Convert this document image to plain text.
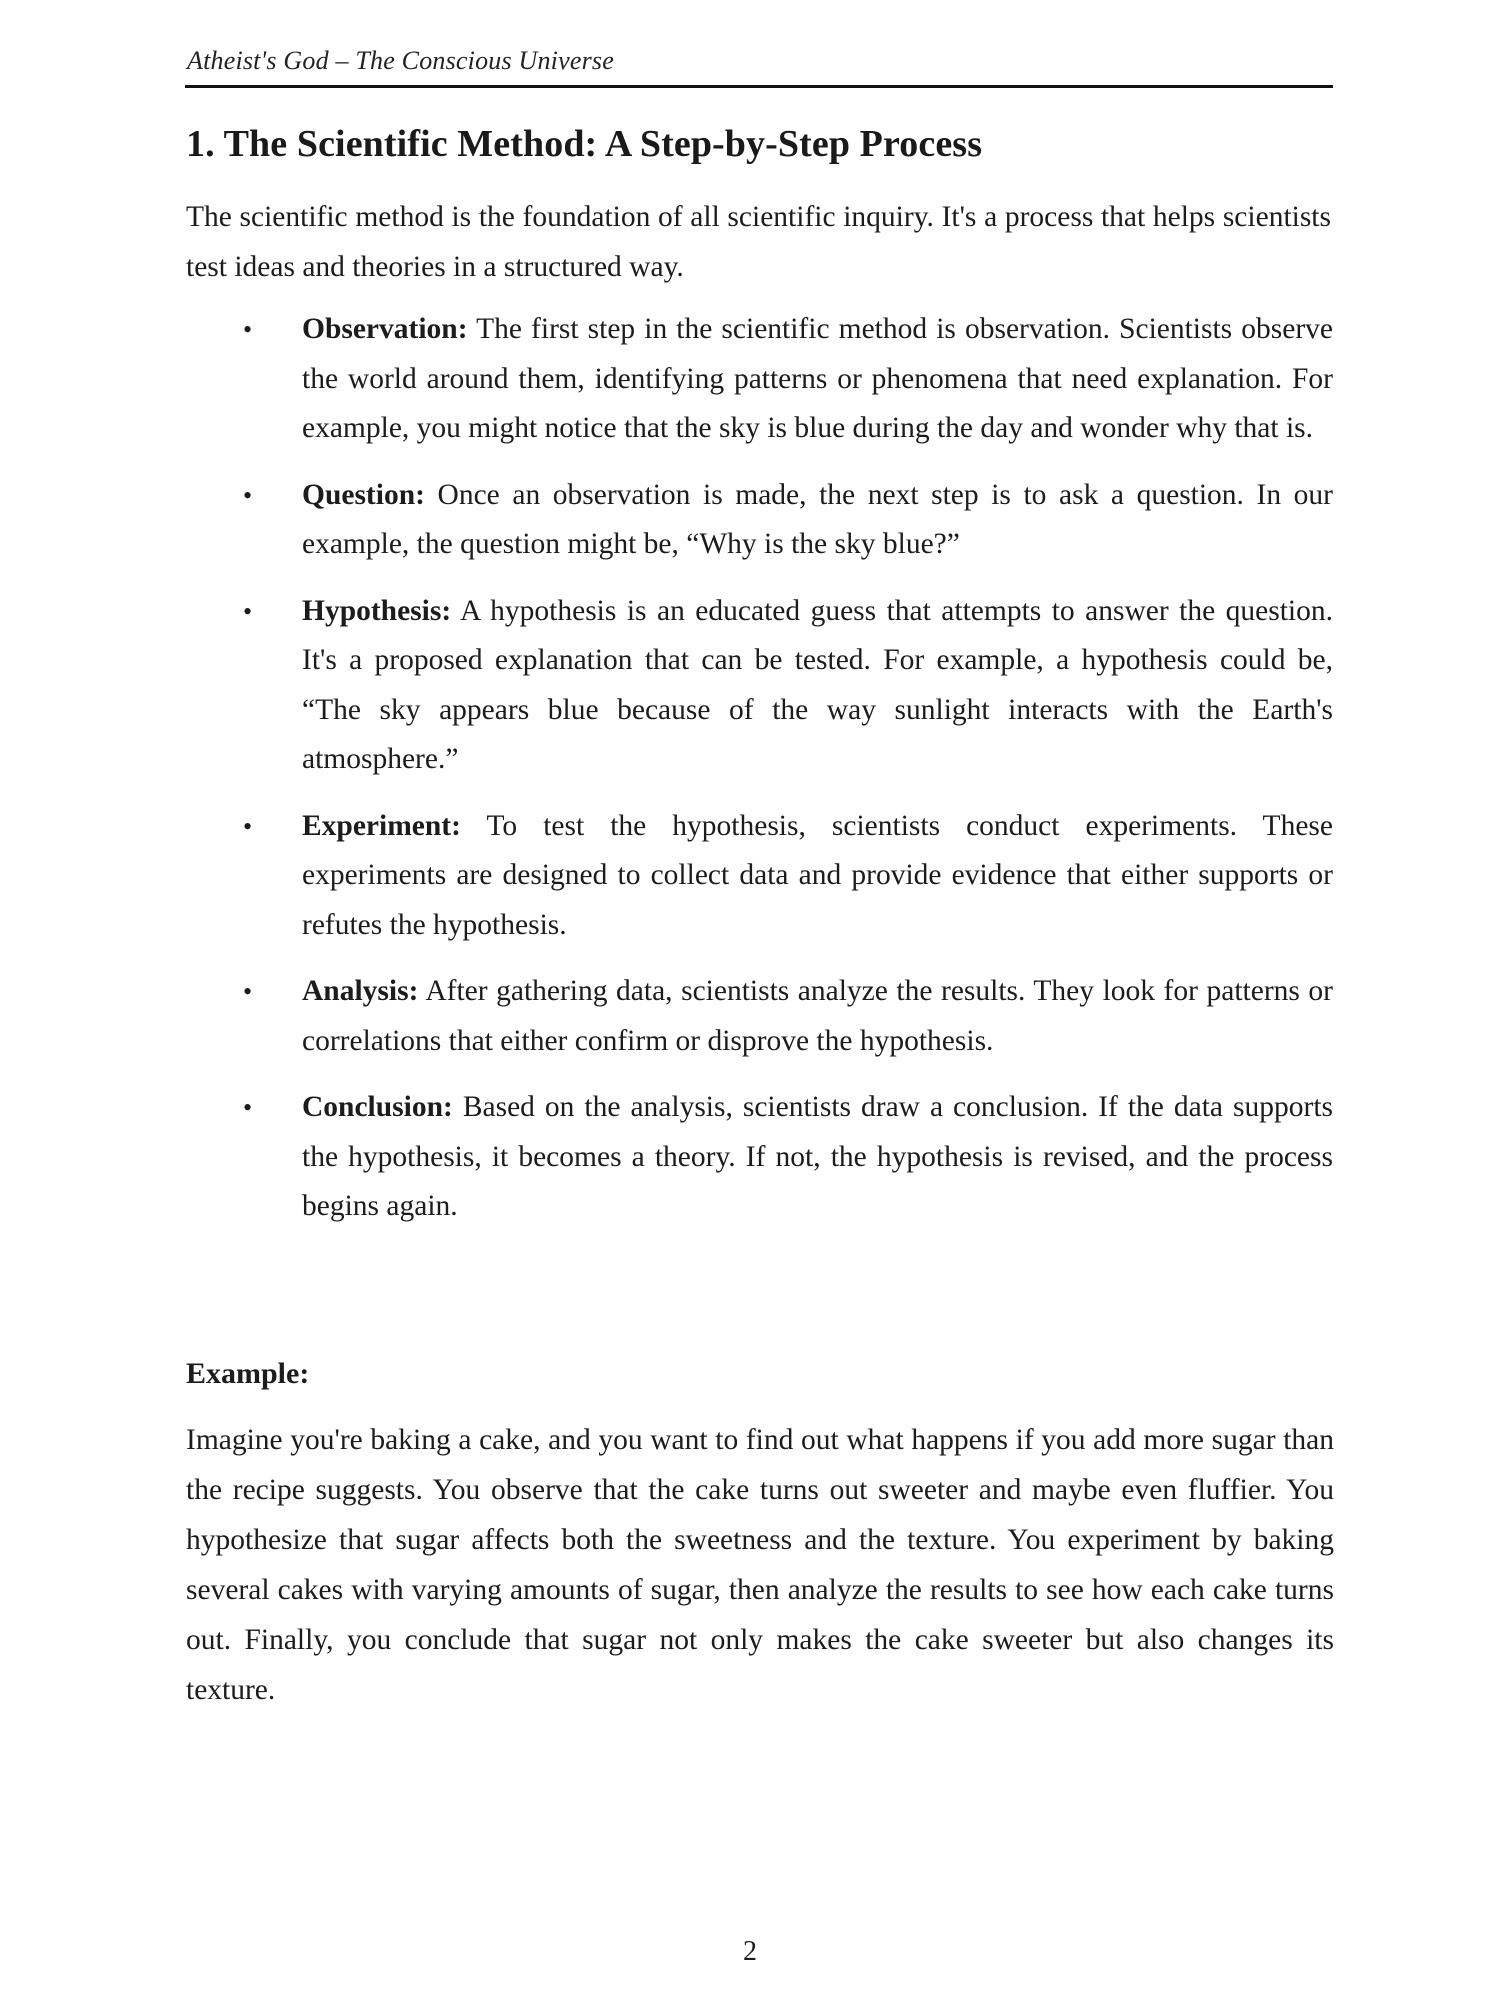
Atheist's God – The Conscious Universe
1. The Scientific Method: A Step-by-Step Process

The scientific method is the foundation of all scientific inquiry. It's a process that helps scientists test ideas and theories in a structured way.

• Observation: The first step in the scientific method is observation. Scientists observe the world around them, identifying patterns or phenomena that need explanation. For example, you might notice that the sky is blue during the day and wonder why that is.
• Question: Once an observation is made, the next step is to ask a question. In our example, the question might be, “Why is the sky blue?”
• Hypothesis: A hypothesis is an educated guess that attempts to answer the question. It's a proposed explanation that can be tested. For example, a hypothesis could be, “The sky appears blue because of the way sunlight interacts with the Earth's atmosphere.”
• Experiment: To test the hypothesis, scientists conduct experiments. These experiments are designed to collect data and provide evidence that either supports or refutes the hypothesis.
• Analysis: After gathering data, scientists analyze the results. They look for patterns or correlations that either confirm or disprove the hypothesis.
• Conclusion: Based on the analysis, scientists draw a conclusion. If the data supports the hypothesis, it becomes a theory. If not, the hypothesis is revised, and the process begins again.
Example:

Imagine you're baking a cake, and you want to find out what happens if you add more sugar than the recipe suggests. You observe that the cake turns out sweeter and maybe even fluffier. You hypothesize that sugar affects both the sweetness and the texture. You experiment by baking several cakes with varying amounts of sugar, then analyze the results to see how each cake turns out. Finally, you conclude that sugar not only makes the cake sweeter but also changes its texture.

2
